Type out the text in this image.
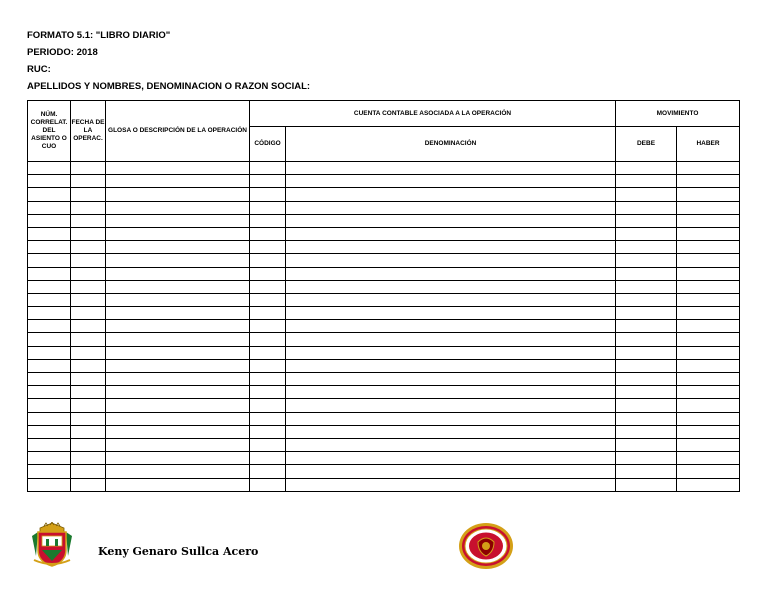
FORMATO 5.1: "LIBRO DIARIO"
PERIODO: 2018
RUC:
APELLIDOS Y NOMBRES, DENOMINACION O RAZON SOCIAL:
NÚM. CORRELAT. DEL ASIENTO O CUO	FECHA DE LA OPERAC.	GLOSA O DESCRIPCIÓN DE LA OPERACIÓN	CUENTA CONTABLE ASOCIADA A LA OPERACIÓN		MOVIMIENTO	
			CÓDIGO	DENOMINACIÓN	DEBE	HABER

Keny Genaro Sullca Acero
